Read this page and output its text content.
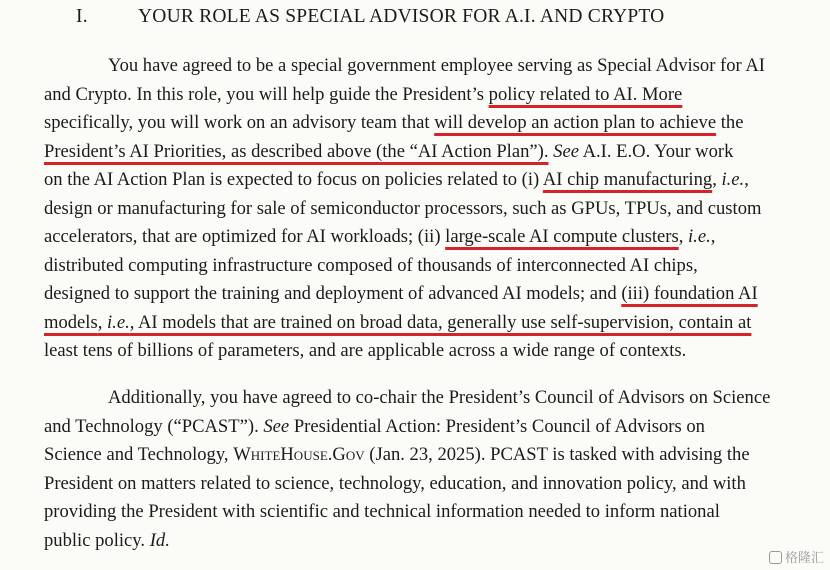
I.	YOUR ROLE AS SPECIAL ADVISOR FOR A.I. AND CRYPTO
You have agreed to be a special government employee serving as Special Advisor for AI
and Crypto. In this role, you will help guide the President’s policy related to AI. More
specifically, you will work on an advisory team that will develop an action plan to achieve the
President’s AI Priorities, as described above (the “AI Action Plan”). See A.I. E.O. Your work
on the AI Action Plan is expected to focus on policies related to (i) AI chip manufacturing, i.e.,
design or manufacturing for sale of semiconductor processors, such as GPUs, TPUs, and custom
accelerators, that are optimized for AI workloads; (ii) large-scale AI compute clusters, i.e.,
distributed computing infrastructure composed of thousands of interconnected AI chips,
designed to support the training and deployment of advanced AI models; and (iii) foundation AI
models, i.e., AI models that are trained on broad data, generally use self-supervision, contain at
least tens of billions of parameters, and are applicable across a wide range of contexts.
Additionally, you have agreed to co-chair the President’s Council of Advisors on Science
and Technology (“PCAST”). See Presidential Action: President’s Council of Advisors on
Science and Technology, WhiteHouse.Gov (Jan. 23, 2025). PCAST is tasked with advising the
President on matters related to science, technology, education, and innovation policy, and with
providing the President with scientific and technical information needed to inform national
public policy. Id.
格隆汇
